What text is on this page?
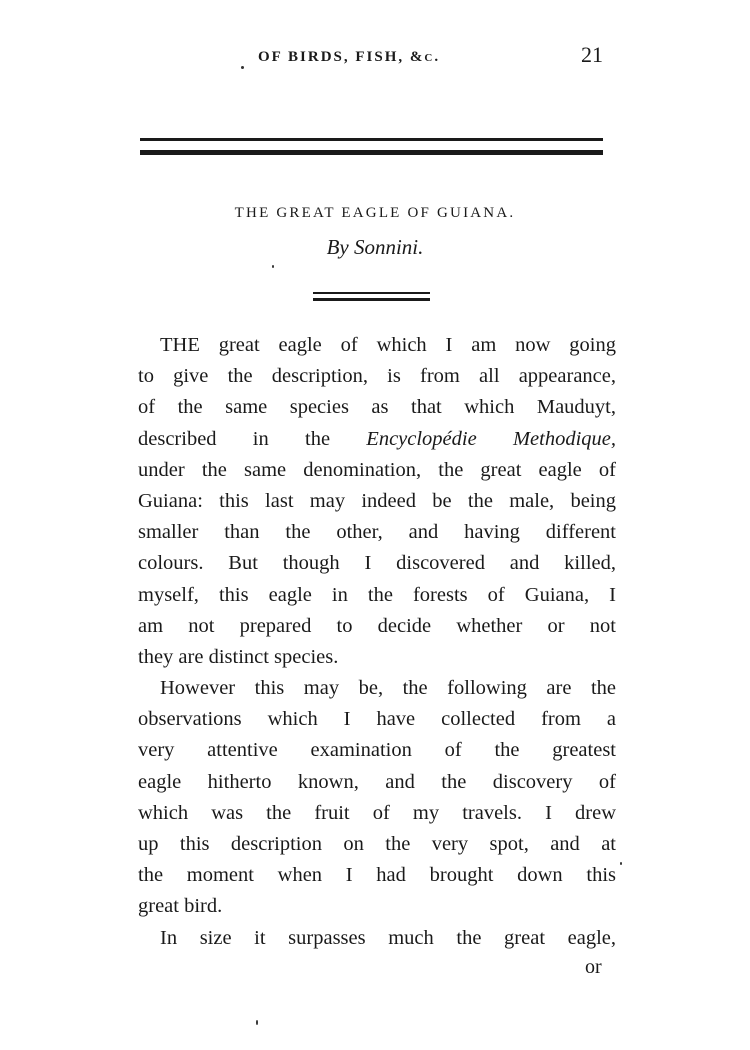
OF BIRDS, FISH, &c.	21
THE GREAT EAGLE OF GUIANA.
By Sonnini.
THE great eagle of which I am now going
to give the description, is from all appearance,
of the same species as that which Mauduyt,
described in the Encyclopédie Methodique,
under the same denomination, the great eagle of
Guiana: this last may indeed be the male, being
smaller than the other, and having different
colours. But though I discovered and killed,
myself, this eagle in the forests of Guiana, I
am not prepared to decide whether or not
they are distinct species.
However this may be, the following are the
observations which I have collected from a
very attentive examination of the greatest
eagle hitherto known, and the discovery of
which was the fruit of my travels. I drew
up this description on the very spot, and at
the moment when I had brought down this
great bird.
In size it surpasses much the great eagle,
or
